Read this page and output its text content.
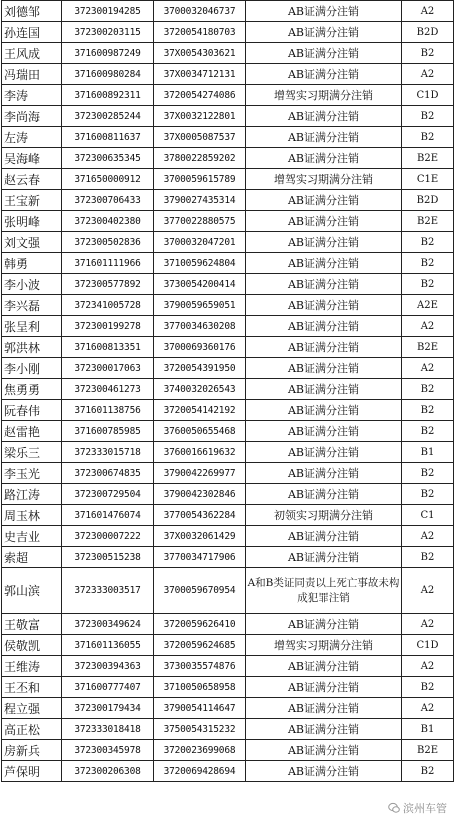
刘德邹	372300194285	3700032046737	AB证满分注销	A2
孙连国	372300203115	3720054180703	AB证满分注销	B2D
王风成	371600987249	37X0054303621	AB证满分注销	B2
冯瑞田	371600980284	37X0034712131	AB证满分注销	A2
李涛	371600892311	3720054274086	增驾实习期满分注销	C1D
李尚海	372300285244	37X0032122801	AB证满分注销	B2
左涛	371600811637	37X0005087537	AB证满分注销	B2
吴海峰	372300635345	3780022859202	AB证满分注销	B2E
赵云春	371650000912	3700059615789	增驾实习期满分注销	C1E
王宝新	372300706433	3790027435314	AB证满分注销	B2D
张明峰	372300402380	3770022880575	AB证满分注销	B2E
刘文强	372300502836	3700032047201	AB证满分注销	B2
韩勇	371601111966	3710059624804	AB证满分注销	B2
李小波	372300577892	3730054200414	AB证满分注销	B2
李兴磊	372341005728	3790059659051	AB证满分注销	A2E
张呈利	372300199278	3770034630208	AB证满分注销	A2
郭洪林	371600813351	3700069360176	AB证满分注销	B2E
李小刚	372300017063	3720054391950	AB证满分注销	A2
焦勇勇	372300461273	3740032026543	AB证满分注销	B2
阮春伟	371601138756	3720054142192	AB证满分注销	B2
赵雷艳	371600785985	3760050655468	AB证满分注销	B2
梁乐三	372333015718	3760016619632	AB证满分注销	B1
李玉光	372300674835	3790042269977	AB证满分注销	B2
路江涛	372300729504	3790042302846	AB证满分注销	B2
周玉林	371601476074	3770054362284	初领实习期满分注销	C1
史吉业	372300007222	37X0032061429	AB证满分注销	A2
索超	372300515238	3770034717906	AB证满分注销	B2
郭山滨	372333003517	3700059670954	A和B类证同责以上死亡事故未构成犯罪注销	A2
王敬富	372300349624	3720059626410	AB证满分注销	A2
侯敬凯	371601136055	3720059624685	增驾实习期满分注销	C1D
王维涛	372300394363	3730035574876	AB证满分注销	A2
王丕和	371600777407	3710050658958	AB证满分注销	B2
程立强	372300179434	3790054114647	AB证满分注销	A2
高正松	372333018418	3750054315232	AB证满分注销	B1
房新兵	372300345978	3720023699068	AB证满分注销	B2E
芦保明	372300206308	3720069428694	AB证满分注销	B2
滨州车管
